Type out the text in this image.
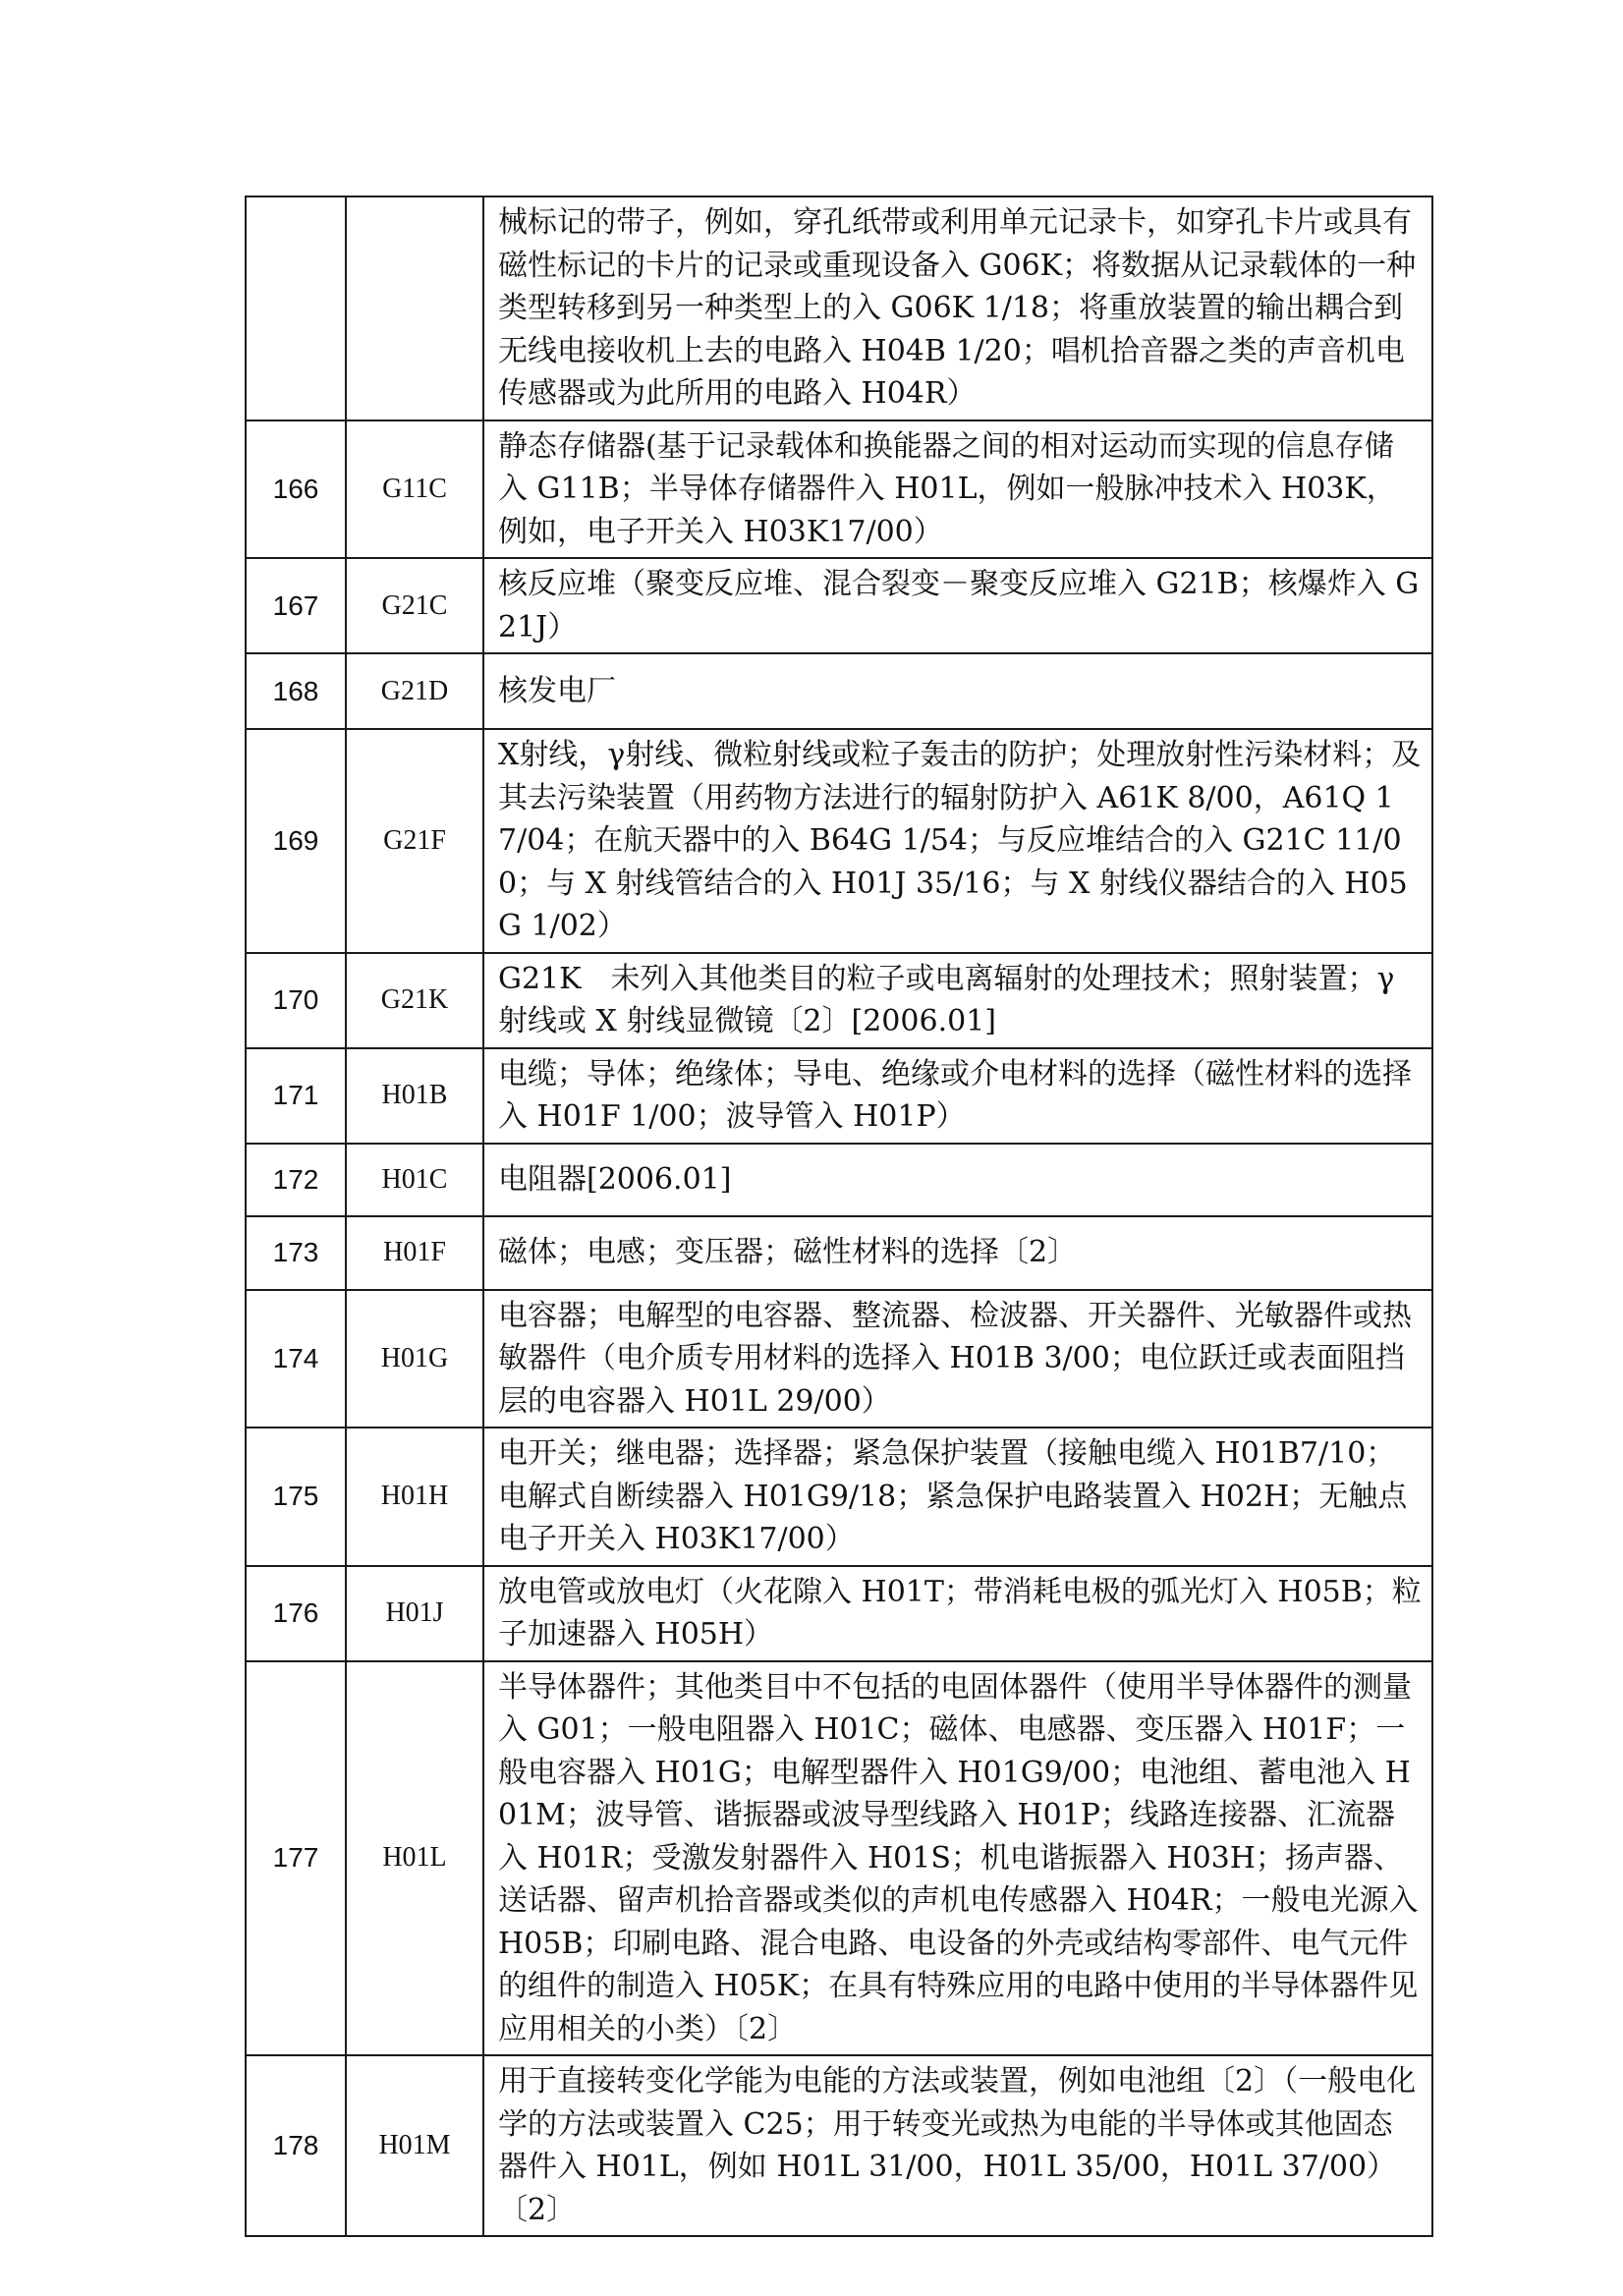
		械标记的带子，例如，穿孔纸带或利用单元记录卡，如穿孔卡片或具有磁性标记的卡片的记录或重现设备入 G06K；将数据从记录载体的一种类型转移到另一种类型上的入 G06K 1/18；将重放装置的输出耦合到无线电接收机上去的电路入 H04B 1/20；唱机拾音器之类的声音机电传感器或为此所用的电路入 H04R）
166	G11C	静态存储器(基于记录载体和换能器之间的相对运动而实现的信息存储入 G11B；半导体存储器件入 H01L，例如一般脉冲技术入 H03K，例如，电子开关入 H03K17/00）
167	G21C	核反应堆（聚变反应堆、混合裂变－聚变反应堆入 G21B；核爆炸入 G21J）
168	G21D	核发电厂
169	G21F	X射线，γ射线、微粒射线或粒子轰击的防护；处理放射性污染材料；及其去污染装置（用药物方法进行的辐射防护入 A61K 8/00，A61Q 17/04；在航天器中的入 B64G 1/54；与反应堆结合的入 G21C 11/00；与 X 射线管结合的入 H01J 35/16；与 X 射线仪器结合的入 H05G 1/02）
170	G21K	G21K　未列入其他类目的粒子或电离辐射的处理技术；照射装置；γ射线或 X 射线显微镜〔2〕[2006.01]
171	H01B	电缆；导体；绝缘体；导电、绝缘或介电材料的选择（磁性材料的选择入 H01F 1/00；波导管入 H01P）
172	H01C	电阻器[2006.01]
173	H01F	磁体；电感；变压器；磁性材料的选择〔2〕
174	H01G	电容器；电解型的电容器、整流器、检波器、开关器件、光敏器件或热敏器件（电介质专用材料的选择入 H01B 3/00；电位跃迁或表面阻挡层的电容器入 H01L 29/00）
175	H01H	电开关；继电器；选择器；紧急保护装置（接触电缆入 H01B7/10；电解式自断续器入 H01G9/18；紧急保护电路装置入 H02H；无触点电子开关入 H03K17/00）
176	H01J	放电管或放电灯（火花隙入 H01T；带消耗电极的弧光灯入 H05B；粒子加速器入 H05H）
177	H01L	半导体器件；其他类目中不包括的电固体器件（使用半导体器件的测量入 G01；一般电阻器入 H01C；磁体、电感器、变压器入 H01F；一般电容器入 H01G；电解型器件入 H01G9/00；电池组、蓄电池入 H01M；波导管、谐振器或波导型线路入 H01P；线路连接器、汇流器入 H01R；受激发射器件入 H01S；机电谐振器入 H03H；扬声器、送话器、留声机拾音器或类似的声机电传感器入 H04R；一般电光源入 H05B；印刷电路、混合电路、电设备的外壳或结构零部件、电气元件的组件的制造入 H05K；在具有特殊应用的电路中使用的半导体器件见应用相关的小类）〔2〕
178	H01M	用于直接转变化学能为电能的方法或装置，例如电池组〔2〕（一般电化学的方法或装置入 C25；用于转变光或热为电能的半导体或其他固态器件入 H01L，例如 H01L 31/00，H01L 35/00，H01L 37/00）〔2〕
